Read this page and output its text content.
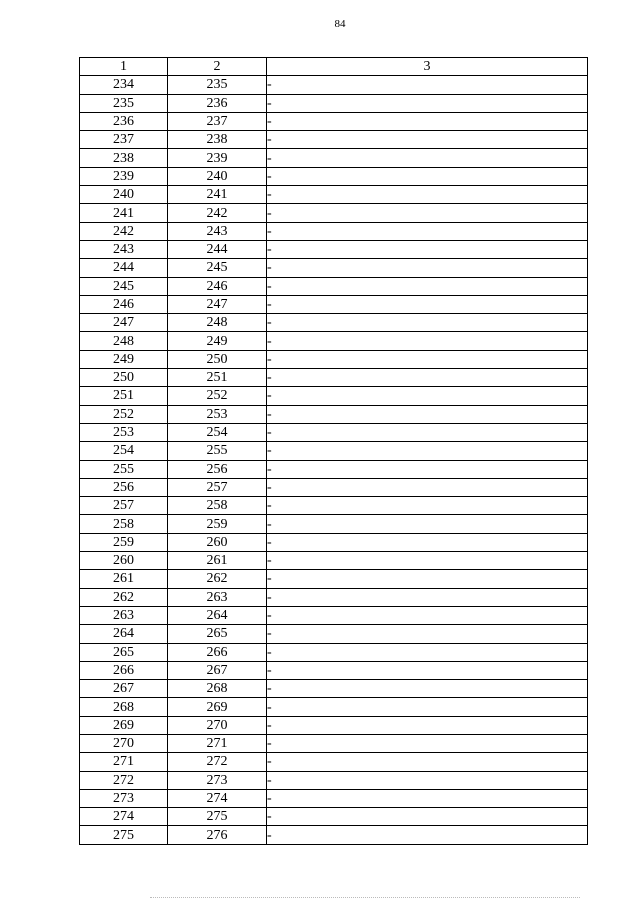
84
1	2	3
234	235	-
235	236	-
236	237	-
237	238	-
238	239	-
239	240	-
240	241	-
241	242	-
242	243	-
243	244	-
244	245	-
245	246	-
246	247	-
247	248	-
248	249	-
249	250	-
250	251	-
251	252	-
252	253	-
253	254	-
254	255	-
255	256	-
256	257	-
257	258	-
258	259	-
259	260	-
260	261	-
261	262	-
262	263	-
263	264	-
264	265	-
265	266	-
266	267	-
267	268	-
268	269	-
269	270	-
270	271	-
271	272	-
272	273	-
273	274	-
274	275	-
275	276	-
